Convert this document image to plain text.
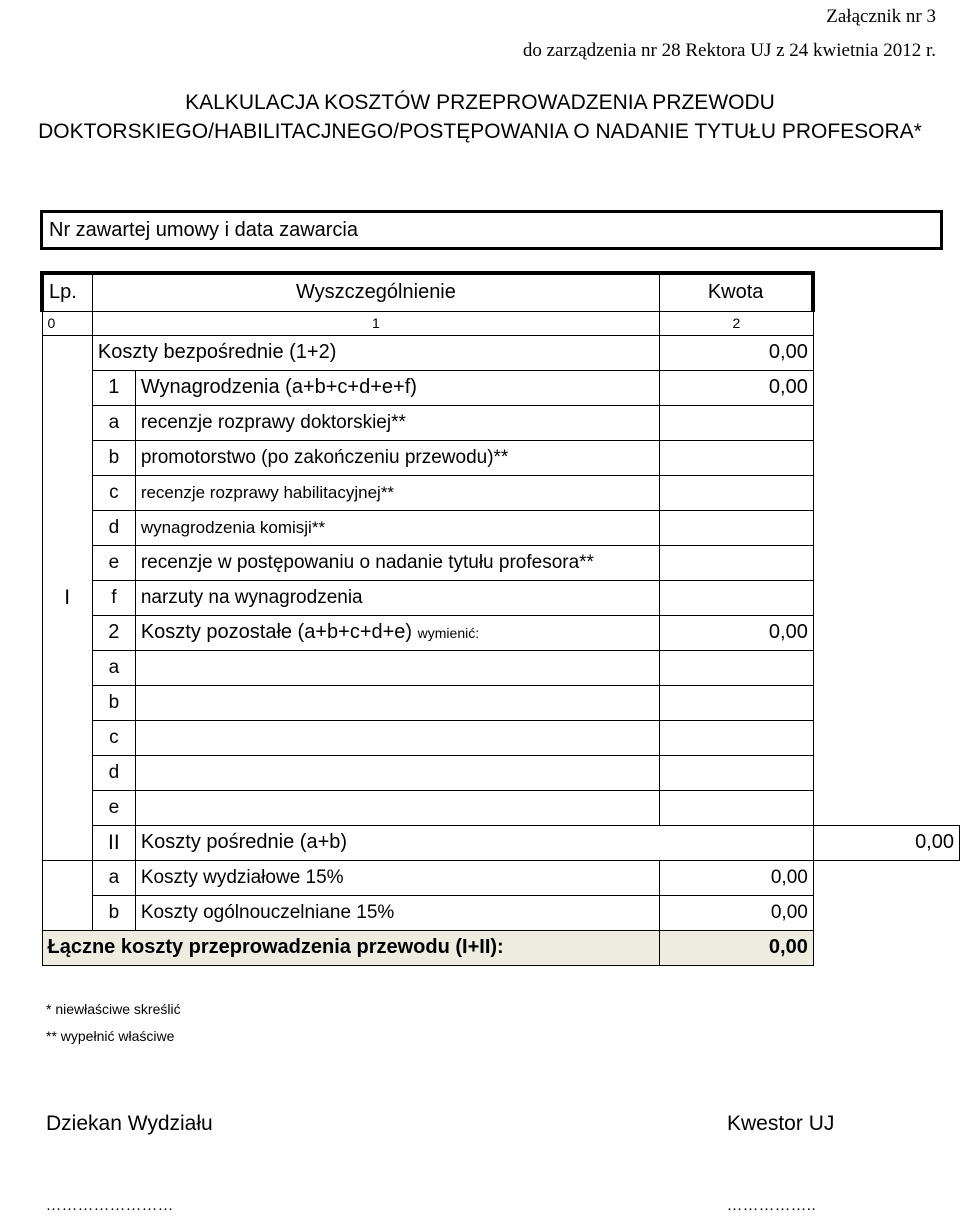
Załącznik nr 3
do zarządzenia nr 28 Rektora UJ z 24 kwietnia 2012 r.
KALKULACJA KOSZTÓW PRZEPROWADZENIA PRZEWODU
DOKTORSKIEGO/HABILITACJNEGO/POSTĘPOWANIA O NADANIE TYTUŁU PROFESORA*
Nr zawartej umowy i data zawarcia
Lp.	Wyszczególnienie		Kwota	
0	1		2	
I	Koszty bezpośrednie (1+2)		0,00	
	1	Wynagrodzenia (a+b+c+d+e+f)	0,00	
	a	recenzje rozprawy doktorskiej**		
	b	promotorstwo (po zakończeniu przewodu)**		
	c	recenzje rozprawy habilitacyjnej**		
	d	wynagrodzenia komisji**		
	e	recenzje w postępowaniu o nadanie tytułu profesora**		
	f	narzuty na wynagrodzenia		
	2	Koszty pozostałe (a+b+c+d+e) wymienić:	0,00	
	a			
	b			
	c			
	d			
	e			
	II	Koszty pośrednie (a+b)		0,00
	a	Koszty wydziałowe 15%	0,00	
	b	Koszty ogólnouczelniane 15%	0,00	
Łączne koszty przeprowadzenia przewodu (I+II):			0,00	
* niewłaściwe skreślić
** wypełnić właściwe
Dziekan Wydziału	Kwestor UJ
……………………	……………..
